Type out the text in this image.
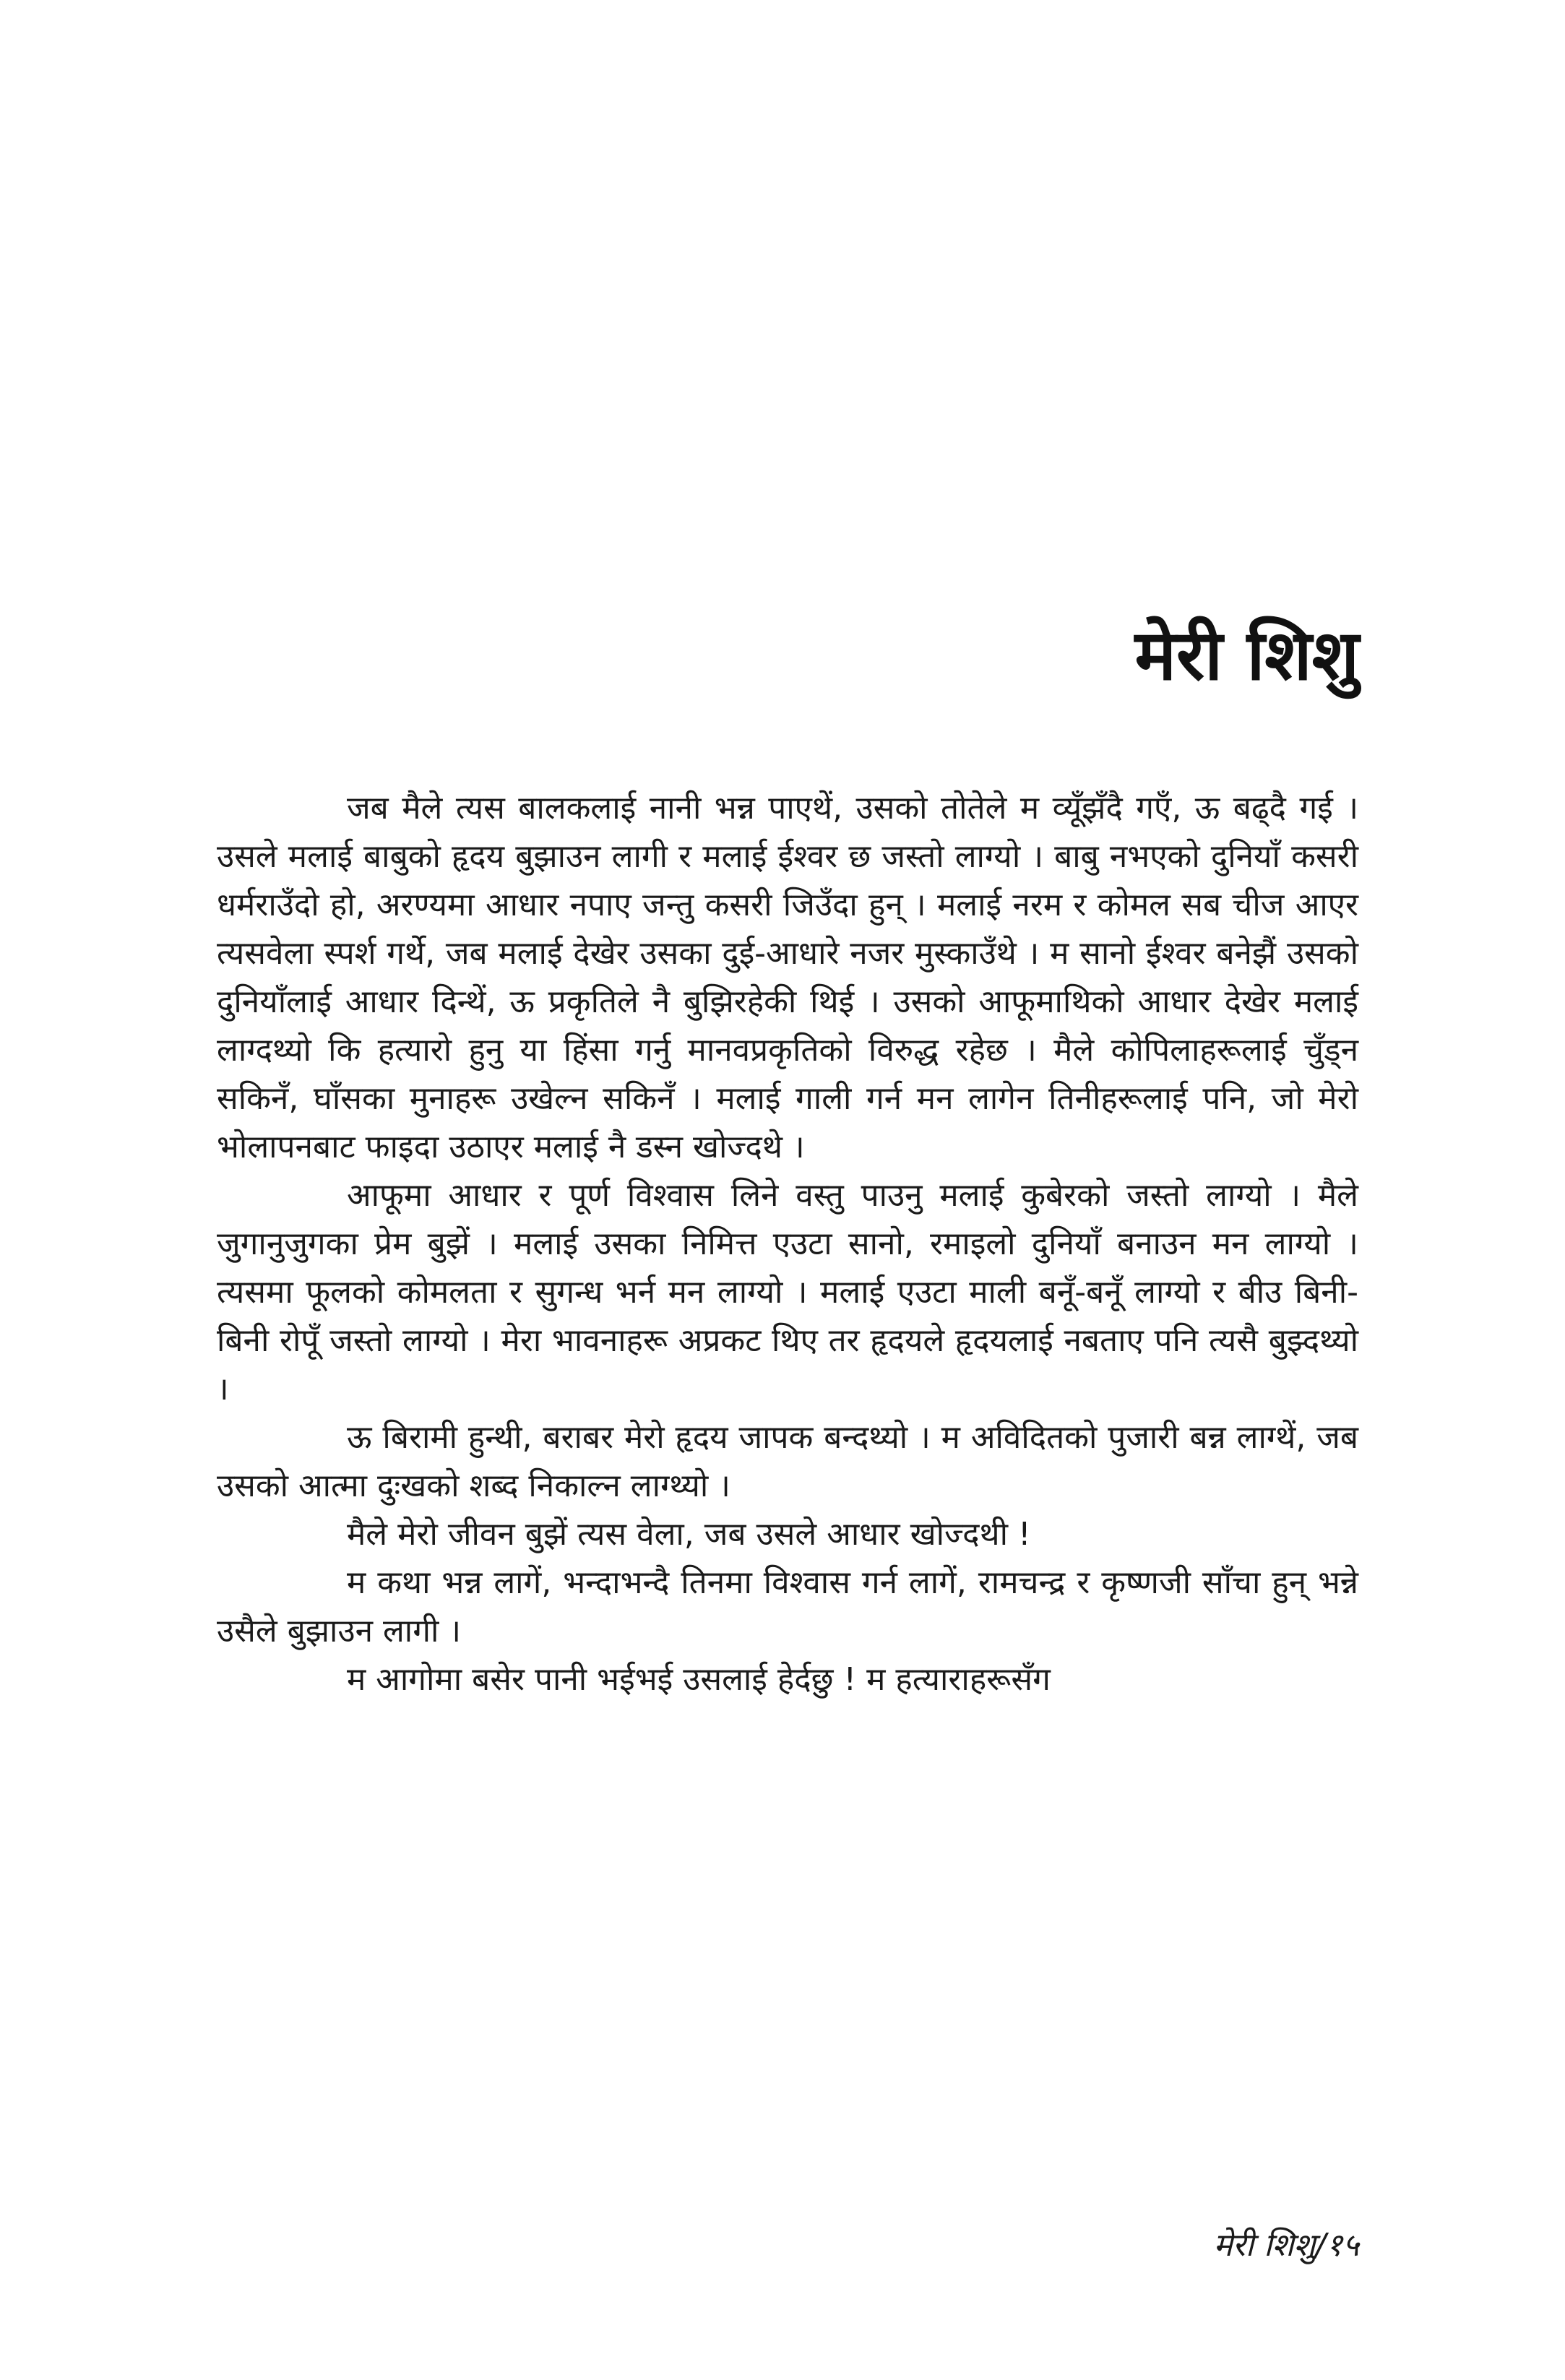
मेरी शिशु

जब मैले त्यस बालकलाई नानी भन्न पाएथें, उसको तोतेले म व्यूँझँदै गएँ, ऊ बढ्दै गई । उसले मलाई बाबुको हृदय बुझाउन लागी र मलाई ईश्वर छ जस्तो लाग्यो । बाबु नभएको दुनियाँ कसरी धर्मराउँदो हो, अरण्यमा आधार नपाए जन्तु कसरी जिउँदा हुन् । मलाई नरम र कोमल सब चीज आएर त्यसवेला स्पर्श गर्थे, जब मलाई देखेर उसका दुई-आधारे नजर मुस्काउँथे । म सानो ईश्वर बनेझैं उसको दुनियाँलाई आधार दिन्थें, ऊ प्रकृतिले नै बुझिरहेकी थिई । उसको आफूमाथिको आधार देखेर मलाई लाग्दथ्यो कि हत्यारो हुनु या हिंसा गर्नु मानवप्रकृतिको विरुद्ध रहेछ । मैले कोपिलाहरूलाई चुँड्न सकिनँ, घाँसका मुनाहरू उखेल्न सकिनँ । मलाई गाली गर्न मन लागेन तिनीहरूलाई पनि, जो मेरो भोलापनबाट फाइदा उठाएर मलाई नै डस्न खोज्दथे ।

आफूमा आधार र पूर्ण विश्वास लिने वस्तु पाउनु मलाई कुबेरको जस्तो लाग्यो । मैले जुगानुजुगका प्रेम बुझें । मलाई उसका निमित्त एउटा सानो, रमाइलो दुनियाँ बनाउन मन लाग्यो । त्यसमा फूलको कोमलता र सुगन्ध भर्न मन लाग्यो । मलाई एउटा माली बनूँ-बनूँ लाग्यो र बीउ बिनी-बिनी रोपूँ जस्तो लाग्यो । मेरा भावनाहरू अप्रकट थिए तर हृदयले हृदयलाई नबताए पनि त्यसै बुझ्दथ्यो ।

ऊ बिरामी हुन्थी, बराबर मेरो हृदय जापक बन्दथ्यो । म अविदितको पुजारी बन्न लाग्थें, जब उसको आत्मा दुःखको शब्द निकाल्न लाग्थ्यो ।

मैले मेरो जीवन बुझें त्यस वेला, जब उसले आधार खोज्दथी !

म कथा भन्न लागें, भन्दाभन्दै तिनमा विश्वास गर्न लागें, रामचन्द्र र कृष्णजी साँचा हुन् भन्ने उसैले बुझाउन लागी ।

म आगोमा बसेर पानी भईभई उसलाई हेर्दछु ! म हत्याराहरूसँग

मेरी शिशु/१५
